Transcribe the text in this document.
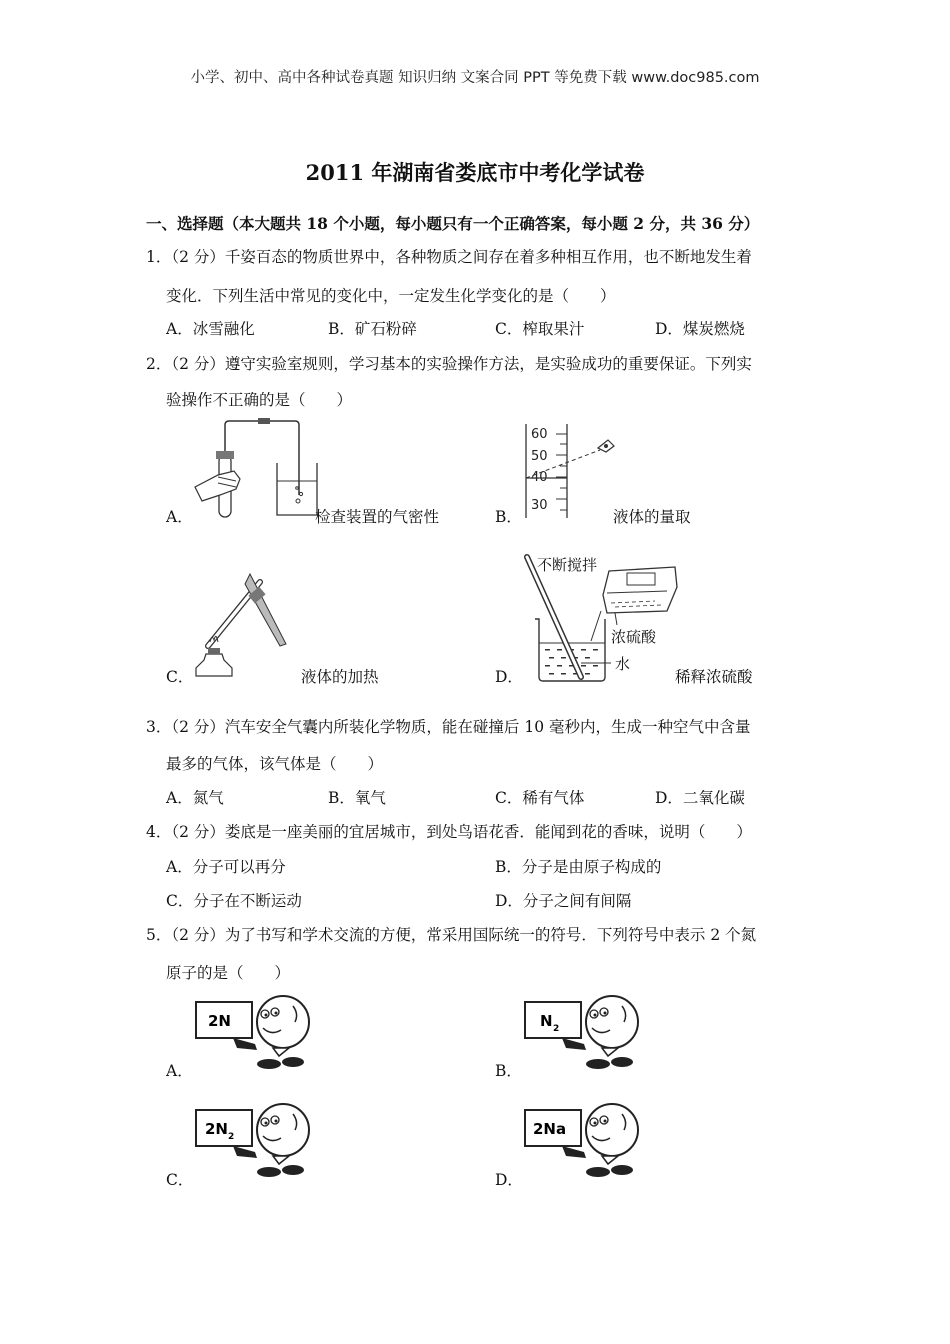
小学、初中、高中各种试卷真题 知识归纳 文案合同 PPT 等免费下载 www.doc985.com
2011 年湖南省娄底市中考化学试卷
一、选择题（本大题共 18 个小题，每小题只有一个正确答案，每小题 2 分，共 36 分）
1．（2 分）千姿百态的物质世界中，各种物质之间存在着多种相互作用，也不断地发生着
变化．下列生活中常见的变化中，一定发生化学变化的是（　　）
A．冰雪融化	B．矿石粉碎	C．榨取果汁	D．煤炭燃烧
2．（2 分）遵守实验室规则，学习基本的实验操作方法，是实验成功的重要保证。下列实
验操作不正确的是（　　）
A．	检查装置的气密性
60
50
40
30
B．	液体的量取
C．	液体的加热
不断搅拌
浓硫酸
水
D．	稀释浓硫酸
3．（2 分）汽车安全气囊内所装化学物质，能在碰撞后 10 毫秒内，生成一种空气中含量
最多的气体，该气体是（　　）
A．氮气	B．氧气	C．稀有气体	D．二氧化碳
4．（2 分）娄底是一座美丽的宜居城市，到处鸟语花香．能闻到花的香味，说明（　　）
A．分子可以再分	B．分子是由原子构成的
C．分子在不断运动	D．分子之间有间隔
5．（2 分）为了书写和学术交流的方便，常采用国际统一的符号．下列符号中表示 2 个氮
原子的是（　　）
2N
A．
N 2
B．
2N 2
C．
2Na
D．
